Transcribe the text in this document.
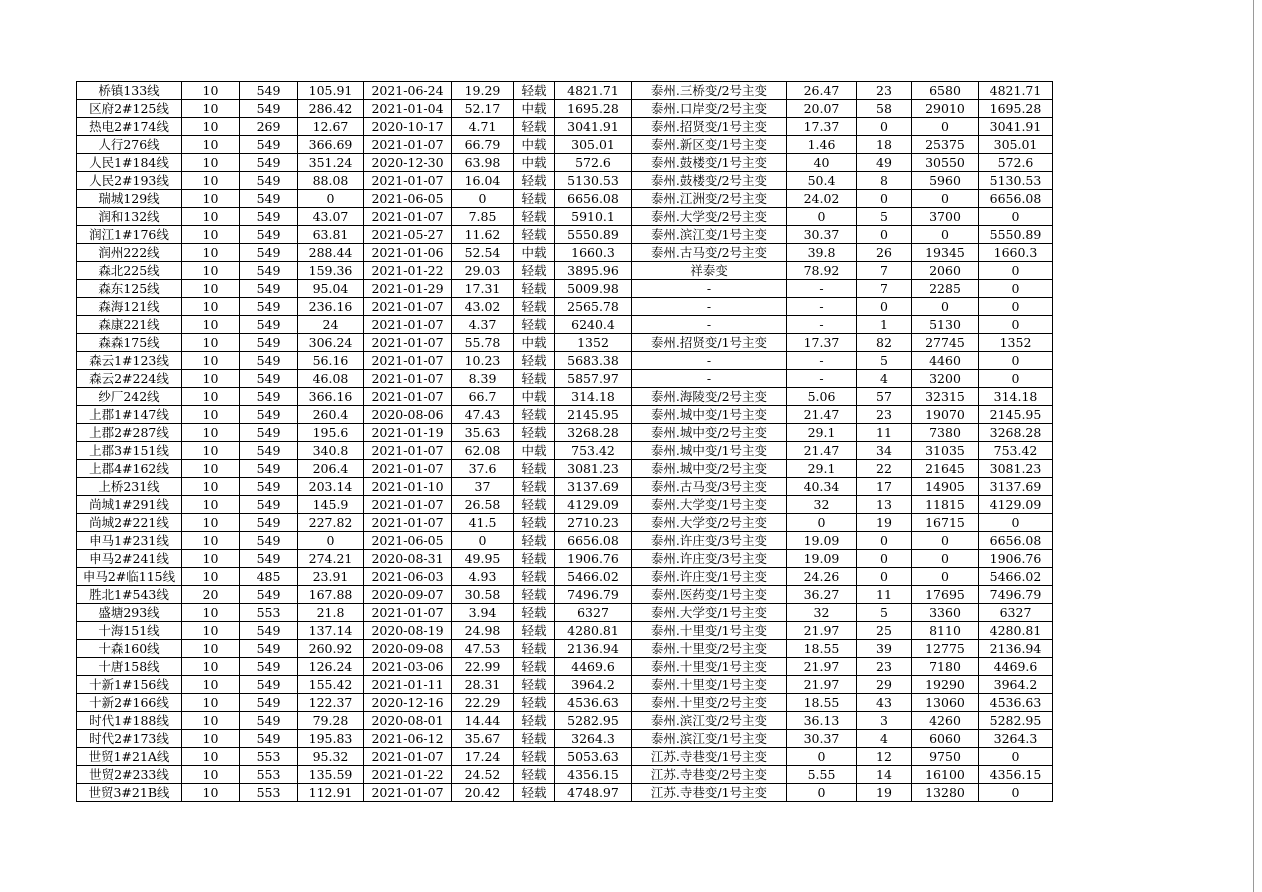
桥镇133线	10	549	105.91	2021-06-24	19.29	轻载	4821.71	泰州.三桥变/2号主变	26.47	23	6580	4821.71
区府2#125线	10	549	286.42	2021-01-04	52.17	中载	1695.28	泰州.口岸变/2号主变	20.07	58	29010	1695.28
热电2#174线	10	269	12.67	2020-10-17	4.71	轻载	3041.91	泰州.招贤变/1号主变	17.37	0	0	3041.91
人行276线	10	549	366.69	2021-01-07	66.79	中载	305.01	泰州.新区变/1号主变	1.46	18	25375	305.01
人民1#184线	10	549	351.24	2020-12-30	63.98	中载	572.6	泰州.鼓楼变/1号主变	40	49	30550	572.6
人民2#193线	10	549	88.08	2021-01-07	16.04	轻载	5130.53	泰州.鼓楼变/2号主变	50.4	8	5960	5130.53
瑞城129线	10	549	0	2021-06-05	0	轻载	6656.08	泰州.江洲变/2号主变	24.02	0	0	6656.08
润和132线	10	549	43.07	2021-01-07	7.85	轻载	5910.1	泰州.大学变/2号主变	0	5	3700	0
润江1#176线	10	549	63.81	2021-05-27	11.62	轻载	5550.89	泰州.滨江变/1号主变	30.37	0	0	5550.89
润州222线	10	549	288.44	2021-01-06	52.54	中载	1660.3	泰州.古马变/2号主变	39.8	26	19345	1660.3
森北225线	10	549	159.36	2021-01-22	29.03	轻载	3895.96	祥泰变	78.92	7	2060	0
森东125线	10	549	95.04	2021-01-29	17.31	轻载	5009.98	-	-	7	2285	0
森海121线	10	549	236.16	2021-01-07	43.02	轻载	2565.78	-	-	0	0	0
森康221线	10	549	24	2021-01-07	4.37	轻载	6240.4	-	-	1	5130	0
森森175线	10	549	306.24	2021-01-07	55.78	中载	1352	泰州.招贤变/1号主变	17.37	82	27745	1352
森云1#123线	10	549	56.16	2021-01-07	10.23	轻载	5683.38	-	-	5	4460	0
森云2#224线	10	549	46.08	2021-01-07	8.39	轻载	5857.97	-	-	4	3200	0
纱厂242线	10	549	366.16	2021-01-07	66.7	中载	314.18	泰州.海陵变/2号主变	5.06	57	32315	314.18
上郡1#147线	10	549	260.4	2020-08-06	47.43	轻载	2145.95	泰州.城中变/1号主变	21.47	23	19070	2145.95
上郡2#287线	10	549	195.6	2021-01-19	35.63	轻载	3268.28	泰州.城中变/2号主变	29.1	11	7380	3268.28
上郡3#151线	10	549	340.8	2021-01-07	62.08	中载	753.42	泰州.城中变/1号主变	21.47	34	31035	753.42
上郡4#162线	10	549	206.4	2021-01-07	37.6	轻载	3081.23	泰州.城中变/2号主变	29.1	22	21645	3081.23
上桥231线	10	549	203.14	2021-01-10	37	轻载	3137.69	泰州.古马变/3号主变	40.34	17	14905	3137.69
尚城1#291线	10	549	145.9	2021-01-07	26.58	轻载	4129.09	泰州.大学变/1号主变	32	13	11815	4129.09
尚城2#221线	10	549	227.82	2021-01-07	41.5	轻载	2710.23	泰州.大学变/2号主变	0	19	16715	0
申马1#231线	10	549	0	2021-06-05	0	轻载	6656.08	泰州.许庄变/3号主变	19.09	0	0	6656.08
申马2#241线	10	549	274.21	2020-08-31	49.95	轻载	1906.76	泰州.许庄变/3号主变	19.09	0	0	1906.76
申马2#临115线	10	485	23.91	2021-06-03	4.93	轻载	5466.02	泰州.许庄变/1号主变	24.26	0	0	5466.02
胜北1#543线	20	549	167.88	2020-09-07	30.58	轻载	7496.79	泰州.医药变/1号主变	36.27	11	17695	7496.79
盛塘293线	10	553	21.8	2021-01-07	3.94	轻载	6327	泰州.大学变/1号主变	32	5	3360	6327
十海151线	10	549	137.14	2020-08-19	24.98	轻载	4280.81	泰州.十里变/1号主变	21.97	25	8110	4280.81
十森160线	10	549	260.92	2020-09-08	47.53	轻载	2136.94	泰州.十里变/2号主变	18.55	39	12775	2136.94
十唐158线	10	549	126.24	2021-03-06	22.99	轻载	4469.6	泰州.十里变/1号主变	21.97	23	7180	4469.6
十新1#156线	10	549	155.42	2021-01-11	28.31	轻载	3964.2	泰州.十里变/1号主变	21.97	29	19290	3964.2
十新2#166线	10	549	122.37	2020-12-16	22.29	轻载	4536.63	泰州.十里变/2号主变	18.55	43	13060	4536.63
时代1#188线	10	549	79.28	2020-08-01	14.44	轻载	5282.95	泰州.滨江变/2号主变	36.13	3	4260	5282.95
时代2#173线	10	549	195.83	2021-06-12	35.67	轻载	3264.3	泰州.滨江变/1号主变	30.37	4	6060	3264.3
世贸1#21A线	10	553	95.32	2021-01-07	17.24	轻载	5053.63	江苏.寺巷变/1号主变	0	12	9750	0
世贸2#233线	10	553	135.59	2021-01-22	24.52	轻载	4356.15	江苏.寺巷变/2号主变	5.55	14	16100	4356.15
世贸3#21B线	10	553	112.91	2021-01-07	20.42	轻载	4748.97	江苏.寺巷变/1号主变	0	19	13280	0
